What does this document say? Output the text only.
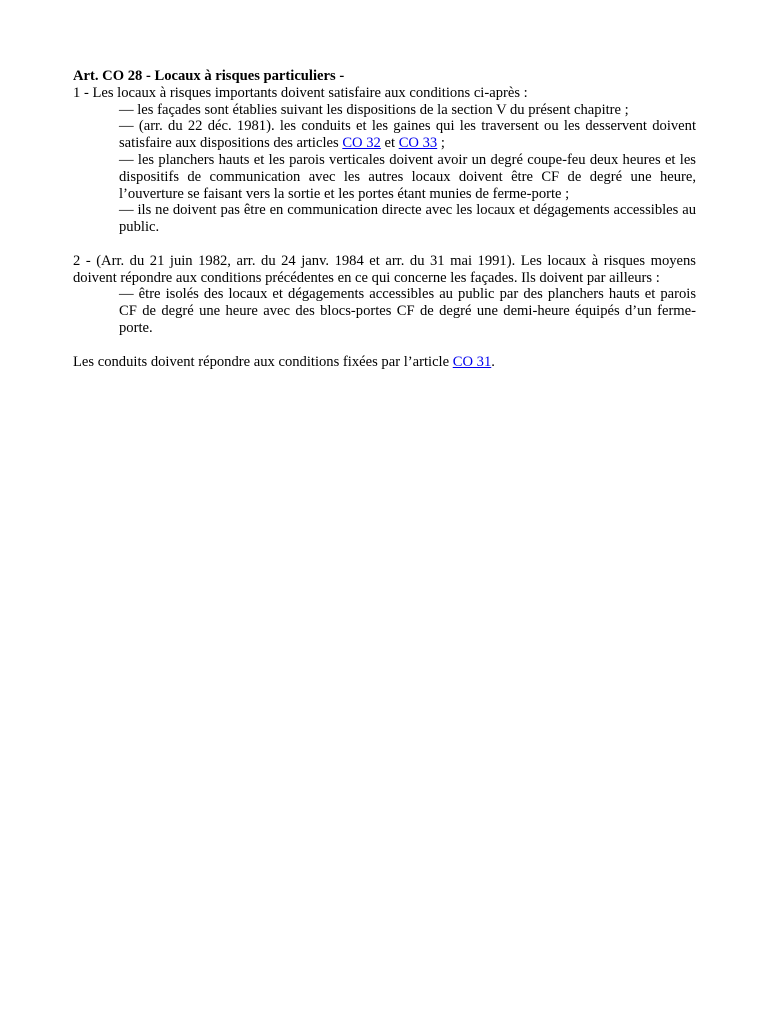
Art. CO 28 - Locaux à risques particuliers -

1 - Les locaux à risques importants doivent satisfaire aux conditions ci-après :

— les façades sont établies suivant les dispositions de la section V du présent chapitre ;

— (arr. du 22 déc. 1981). les conduits et les gaines qui les traversent ou les desservent doivent satisfaire aux dispositions des articles CO 32 et CO 33 ;

— les planchers hauts et les parois verticales doivent avoir un degré coupe-feu deux heures et les dispositifs de communication avec les autres locaux doivent être CF de degré une heure, l’ouverture se faisant vers la sortie et les portes étant munies de ferme-porte ;

— ils ne doivent pas être en communication directe avec les locaux et dégagements accessibles au public.

2 - (Arr. du 21 juin 1982, arr. du 24 janv. 1984 et arr. du 31 mai 1991). Les locaux à risques moyens doivent répondre aux conditions précédentes en ce qui concerne les façades. Ils doivent par ailleurs :

— être isolés des locaux et dégagements accessibles au public par des planchers hauts et parois CF de degré une heure avec des blocs-portes CF de degré une demi-heure équipés d’un ferme-porte.

Les conduits doivent répondre aux conditions fixées par l’article CO 31.
